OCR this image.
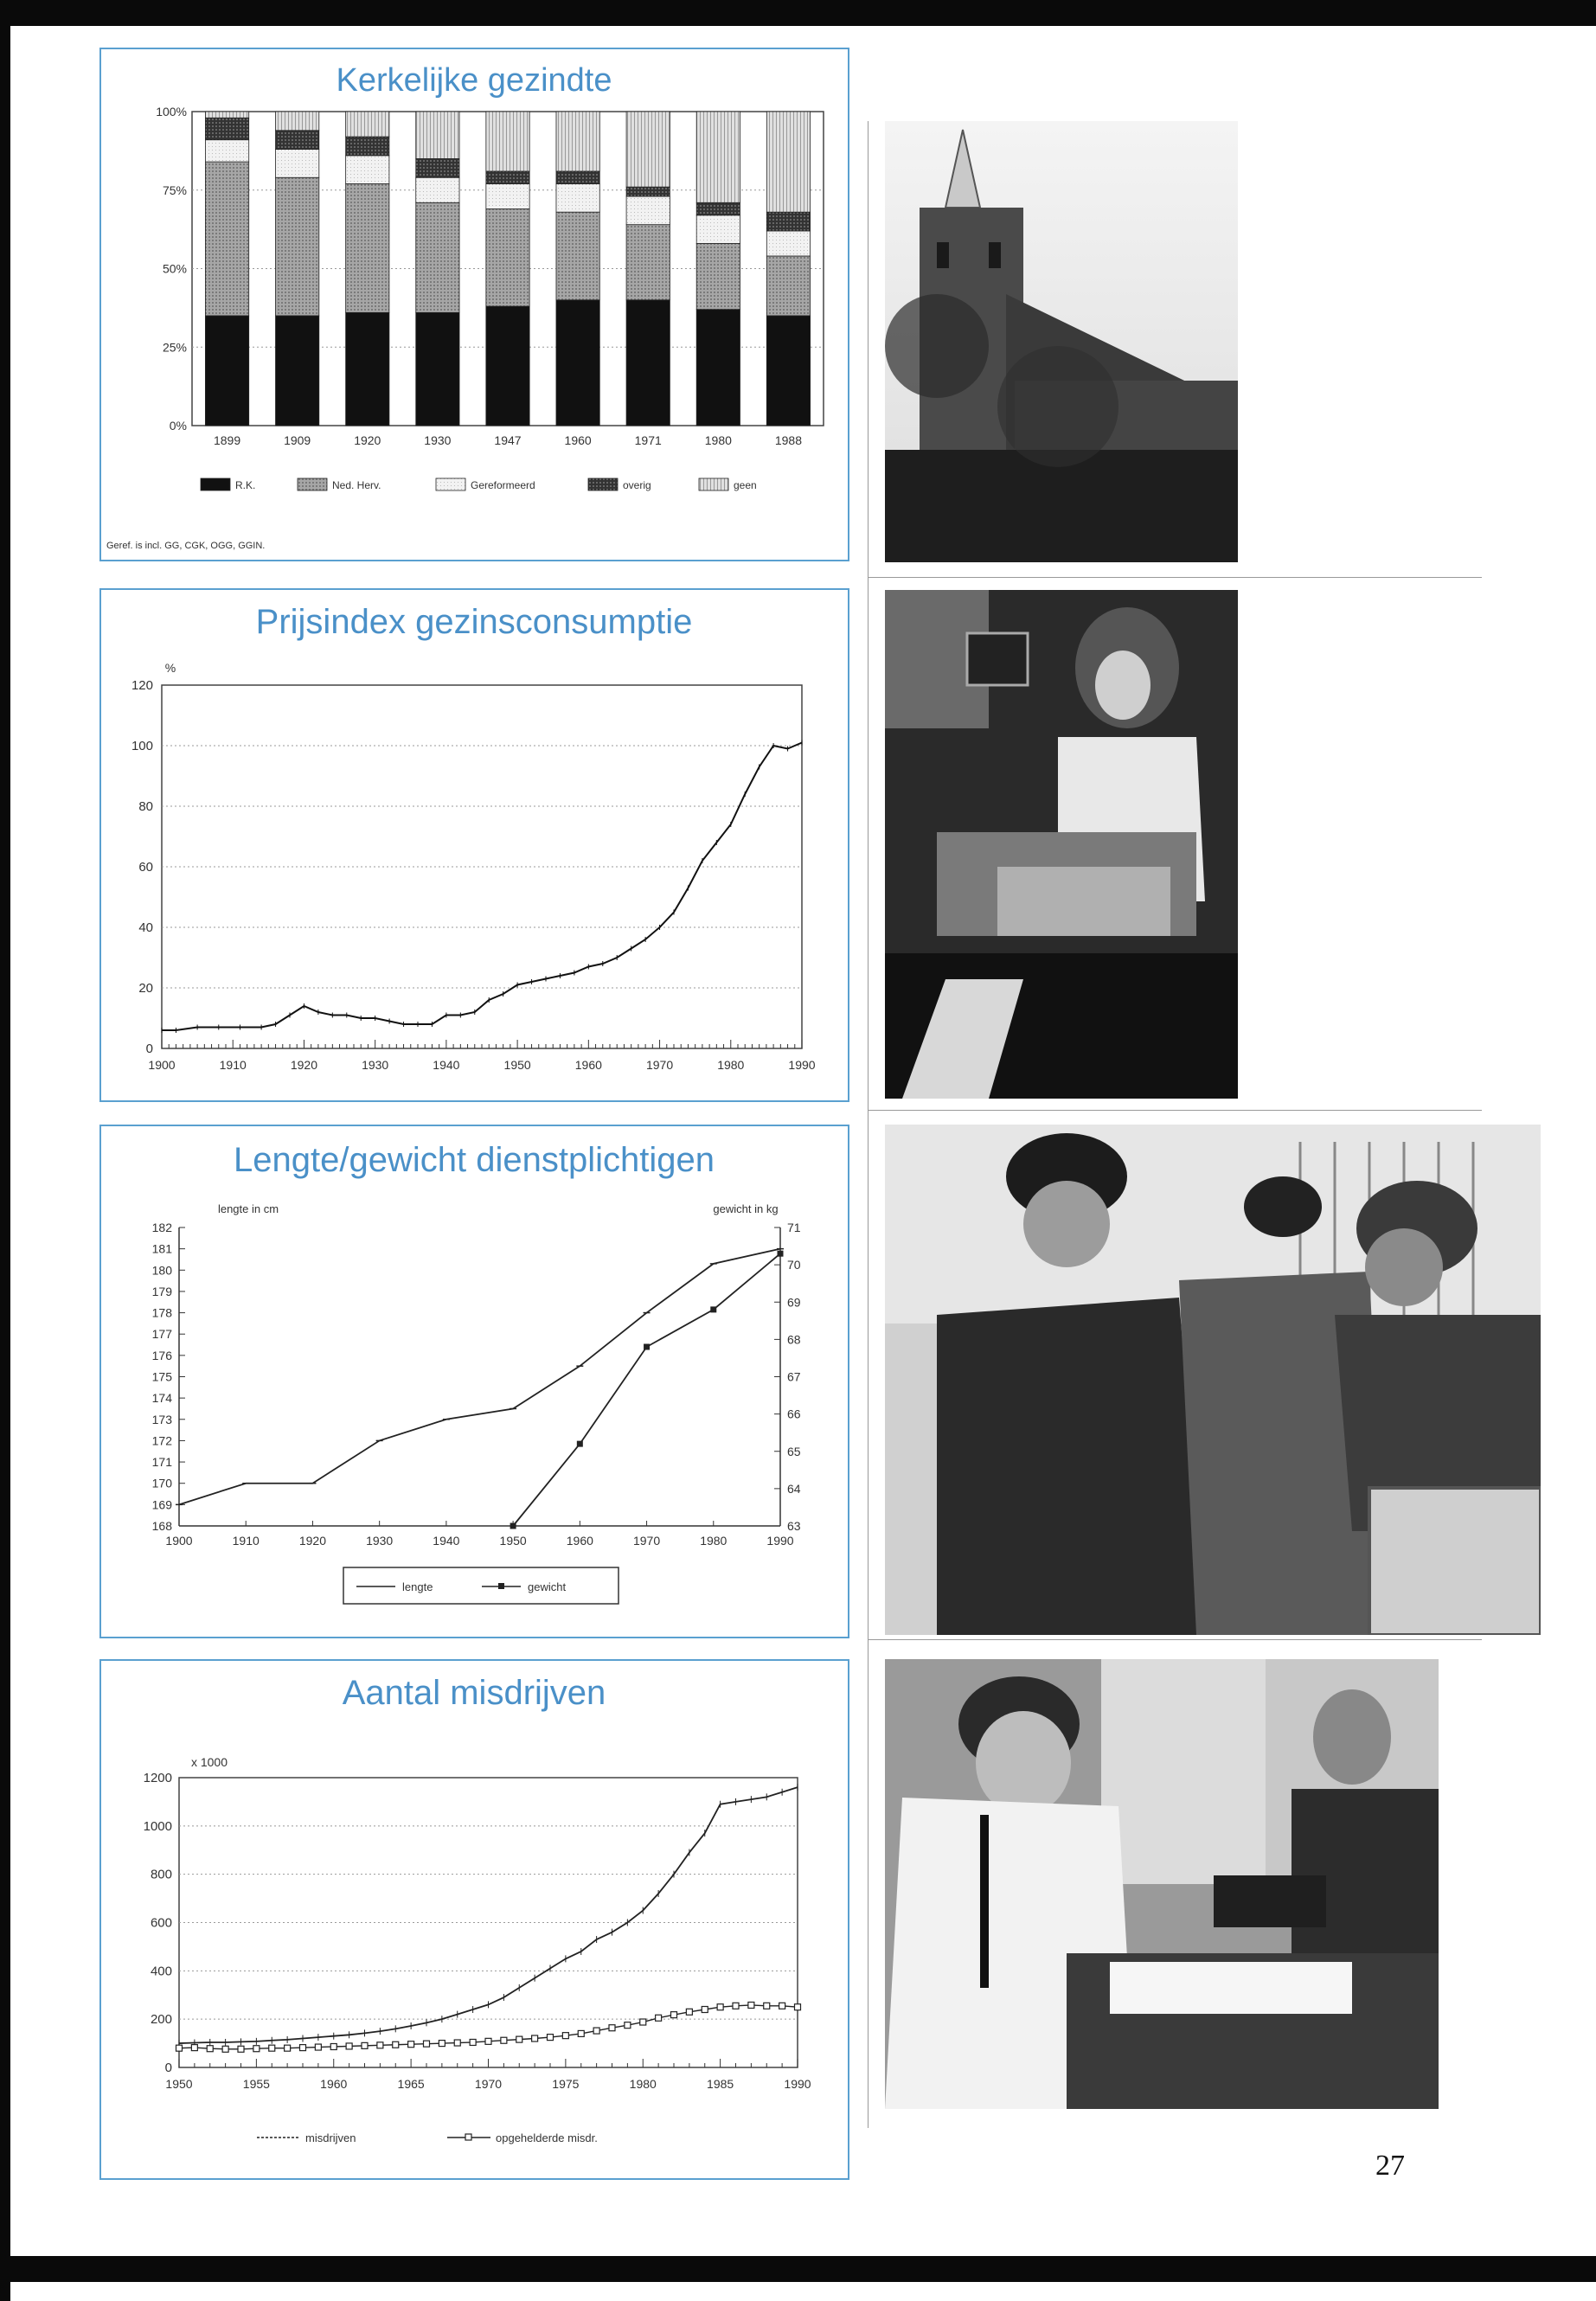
Kerkelijke gezindte
0%
25%
50%
75%
100%
1899	1909	1920	1930	1947	1960	1971	1980	1988
R.K.	Ned. Herv.	Gereformeerd	overig	geen
Geref. is incl. GG, CGK, OGG, GGIN.
Prijsindex gezinsconsumptie
%
0
20
40
60
80
100
120
1900	1910	1920	1930	1940	1950	1960	1970	1980	1990
Lengte/gewicht dienstplichtigen
lengte in cm	gewicht in kg
168
169
170
171
172
173
174
175
176
177
178
179
180
181
182
63
64
65
66
67
68
69
70
71
1900	1910	1920	1930	1940	1950	1960	1970	1980	1990
lengte	gewicht
Aantal misdrijven
x 1000
0
200
400
600
800
1000
1200
1950	1955	1960	1965	1970	1975	1980	1985	1990
misdrijven	opgehelderde misdr.
27
